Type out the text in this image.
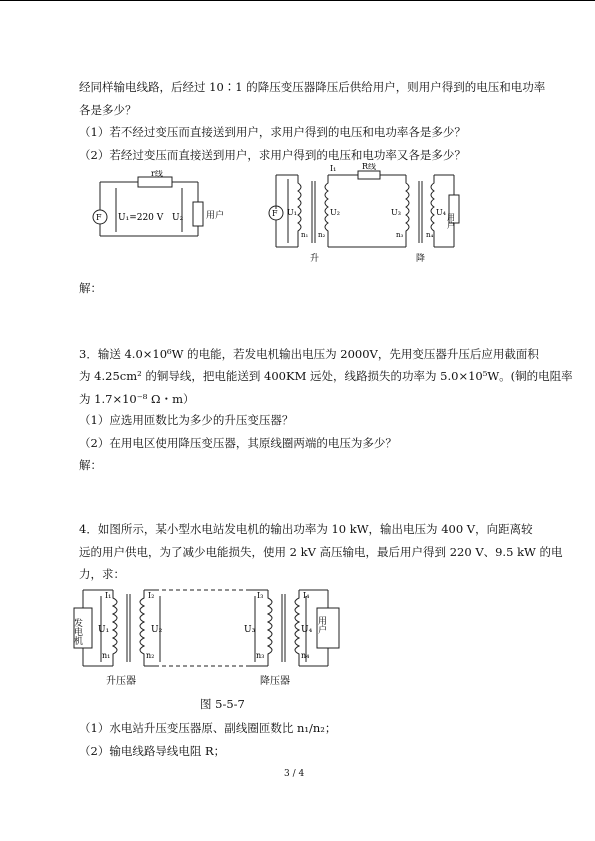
经同样输电线路，后经过 10∶1 的降压变压器降压后供给用户，则用户得到的电压和电功率
各是多少？
（1）若不经过变压而直接送到用户，求用户得到的电压和电功率各是多少？
（2）若经过变压而直接送到用户，求用户得到的电压和电功率又各是多少？
r线
F U₁=220 V U₂	用户	F
I₁	R线
U₁	U₂	U₃	U₄
n₁ n₂	n₃	n₄
用户
升	降
解：
3．输送 4.0×10⁶W 的电能，若发电机输出电压为 2000V，先用变压器升压后应用截面积
为 4.25cm² 的铜导线，把电能送到 400KM 远处，线路损失的功率为 5.0×10⁵W。(铜的电阻率
为 1.7×10⁻⁸ Ω・m）
（1）应选用匝数比为多少的升压变压器？
（2）在用电区使用降压变压器，其原线圈两端的电压为多少？
解：
4．如图所示，某小型水电站发电机的输出功率为 10 kW，输出电压为 400 V，向距离较
远的用户供电，为了减少电能损失，使用 2 kV 高压输电，最后用户得到 220 V、9.5 kW 的电
力，求：
发电机
I₁	I₂	I₃	I₄
U₁	U₂	U₃	U₄
n₁	n₂	n₃	n₄
用户
升压器	降压器
图 5-5-7
（1）水电站升压变压器原、副线圈匝数比 n₁/n₂；
（2）输电线路导线电阻 R；
3 / 4
